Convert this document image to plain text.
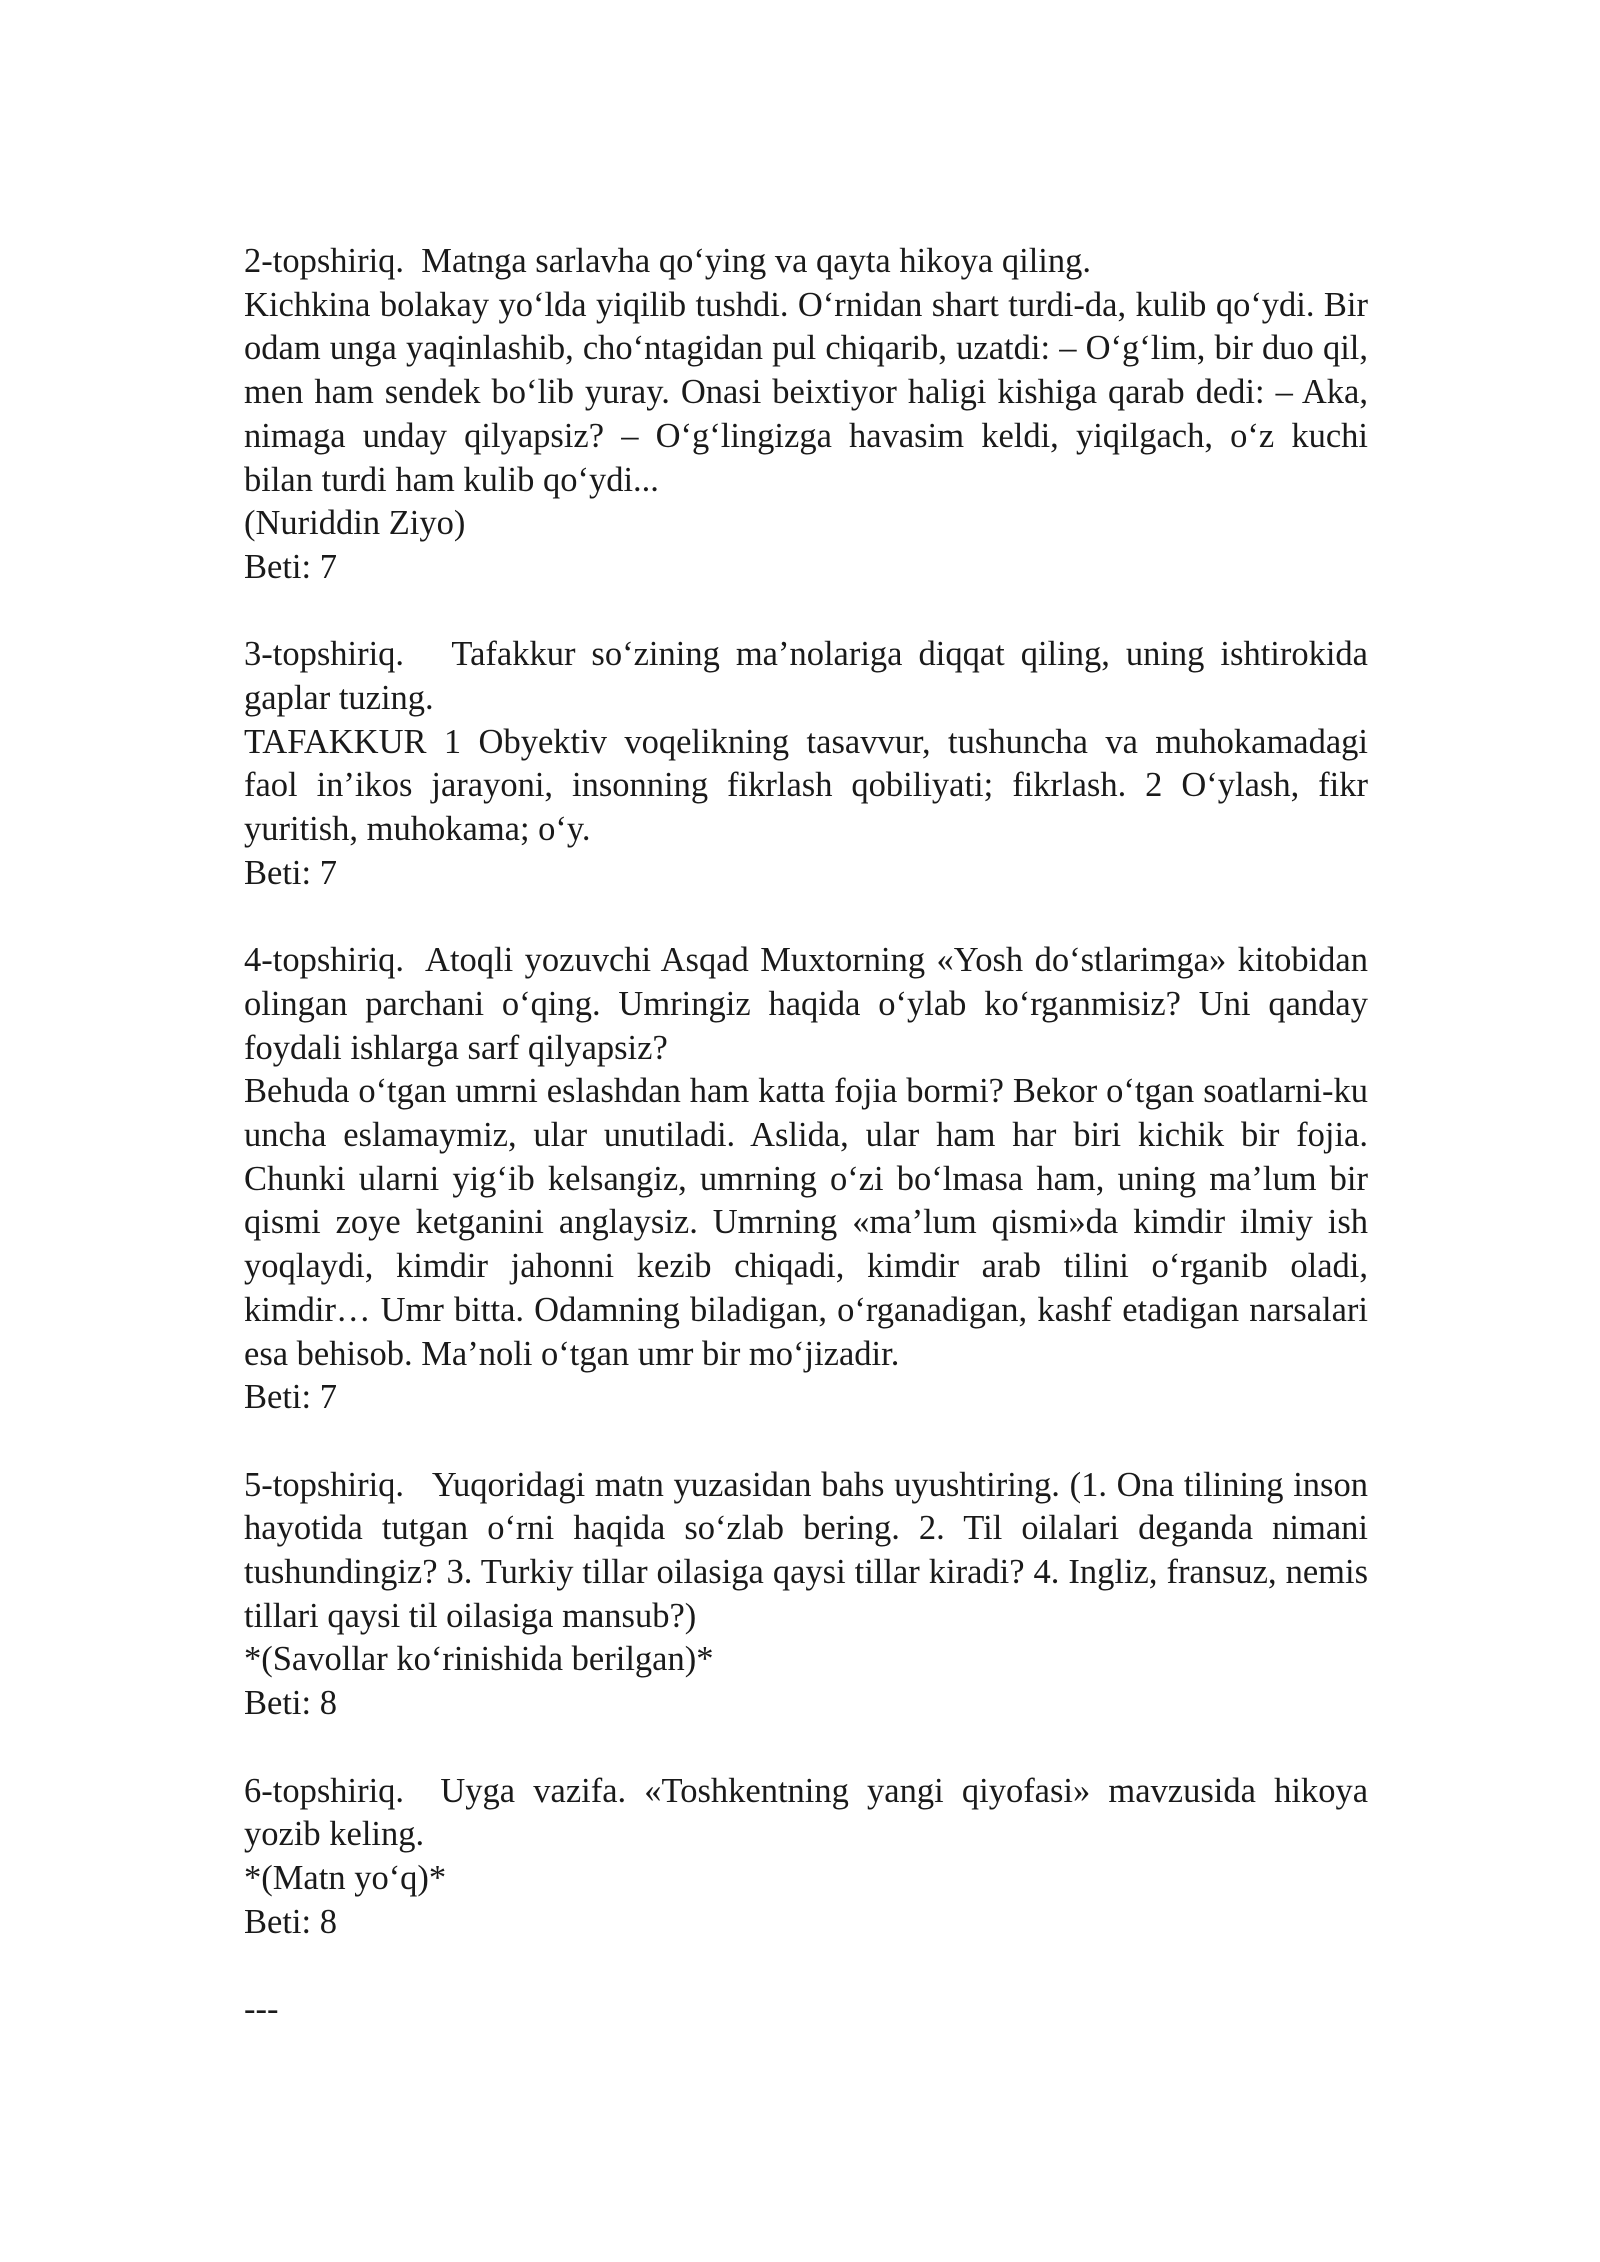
2-topshiriq. Matnga sarlavha qo‘ying va qayta hikoya qiling.

Kichkina bolakay yo‘lda yiqilib tushdi. O‘rnidan shart turdi-da, kulib qo‘ydi. Bir odam unga yaqinlashib, cho‘ntagidan pul chiqarib, uzatdi: – O‘g‘lim, bir duo qil, men ham sendek bo‘lib yuray. Onasi beixtiyor haligi kishiga qarab dedi: – Aka, nimaga unday qilyapsiz? – O‘g‘lingizga havasim keldi, yiqilgach, o‘z kuchi bilan turdi ham kulib qo‘ydi...

(Nuriddin Ziyo)

Beti: 7

3-topshiriq. Tafakkur so‘zining ma’nolariga diqqat qiling, uning ishtirokida gaplar tuzing.

TAFAKKUR 1 Obyektiv voqelikning tasavvur, tushuncha va muhokamadagi faol in’ikos jarayoni, insonning fikrlash qobiliyati; fikrlash. 2 O‘ylash, fikr yuritish, muhokama; o‘y.

Beti: 7

4-topshiriq. Atoqli yozuvchi Asqad Muxtorning «Yosh do‘stlarimga» kitobidan olingan parchani o‘qing. Umringiz haqida o‘ylab ko‘rganmisiz? Uni qanday foydali ishlarga sarf qilyapsiz?

Behuda o‘tgan umrni eslashdan ham katta fojia bormi? Bekor o‘tgan soatlarni-ku uncha eslamaymiz, ular unutiladi. Aslida, ular ham har biri kichik bir fojia. Chunki ularni yig‘ib kelsangiz, umrning o‘zi bo‘lmasa ham, uning ma’lum bir qismi zoye ketganini anglaysiz. Umrning «ma’lum qismi»da kimdir ilmiy ish yoqlaydi, kimdir jahonni kezib chiqadi, kimdir arab tilini o‘rganib oladi, kimdir… Umr bitta. Odamning biladigan, o‘rganadigan, kashf etadigan narsalari esa behisob. Ma’noli o‘tgan umr bir mo‘jizadir.

Beti: 7

5-topshiriq. Yuqoridagi matn yuzasidan bahs uyushtiring. (1. Ona tilining inson hayotida tutgan o‘rni haqida so‘zlab bering. 2. Til oilalari deganda nimani tushundingiz? 3. Turkiy tillar oilasiga qaysi tillar kiradi? 4. Ingliz, fransuz, nemis tillari qaysi til oilasiga mansub?)

*(Savollar ko‘rinishida berilgan)*

Beti: 8

6-topshiriq. Uyga vazifa. «Toshkentning yangi qiyofasi» mavzusida hikoya yozib keling.

*(Matn yo‘q)*

Beti: 8

---
